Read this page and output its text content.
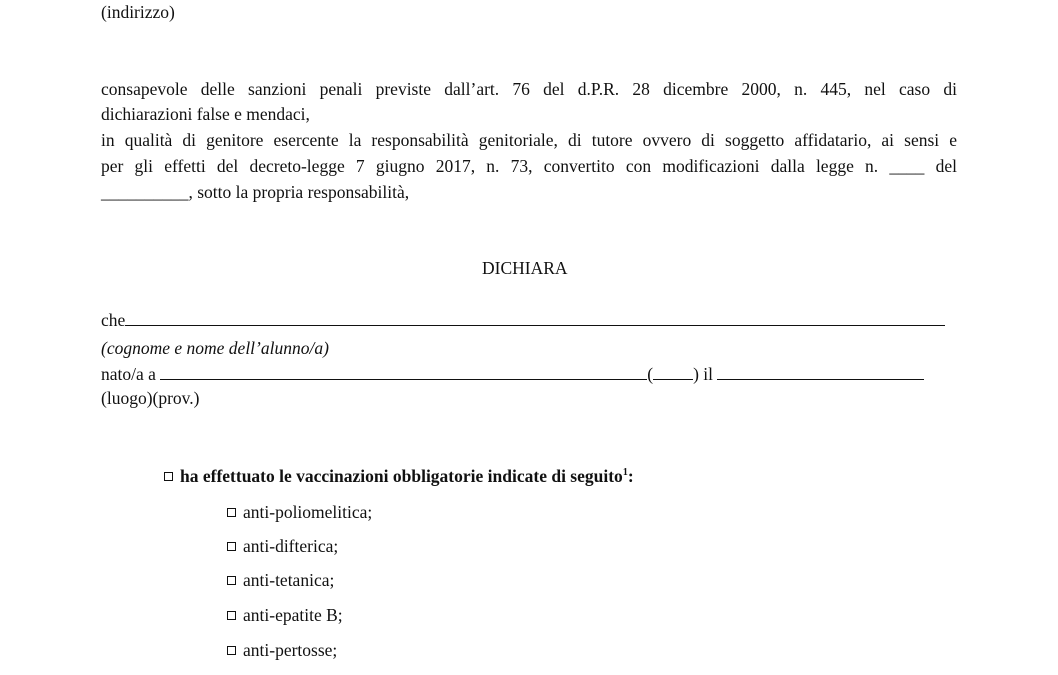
(indirizzo)
consapevole delle sanzioni penali previste dall’art. 76 del d.P.R. 28 dicembre 2000, n. 445, nel caso di
dichiarazioni false e mendaci,
in qualità di genitore esercente la responsabilità genitoriale, di tutore ovvero di soggetto affidatario, ai sensi e
per gli effetti del decreto-legge 7 giugno 2017, n. 73, convertito con modificazioni dalla legge n. ____ del
__________, sotto la propria responsabilità,
DICHIARA
che
(cognome e nome dell’alunno/a)
nato/a a	( ) il
(luogo)(prov.)
ha effettuato le vaccinazioni obbligatorie indicate di seguito$^1$:
anti-poliomelitica;
anti-difterica;
anti-tetanica;
anti-epatite B;
anti-pertosse;
